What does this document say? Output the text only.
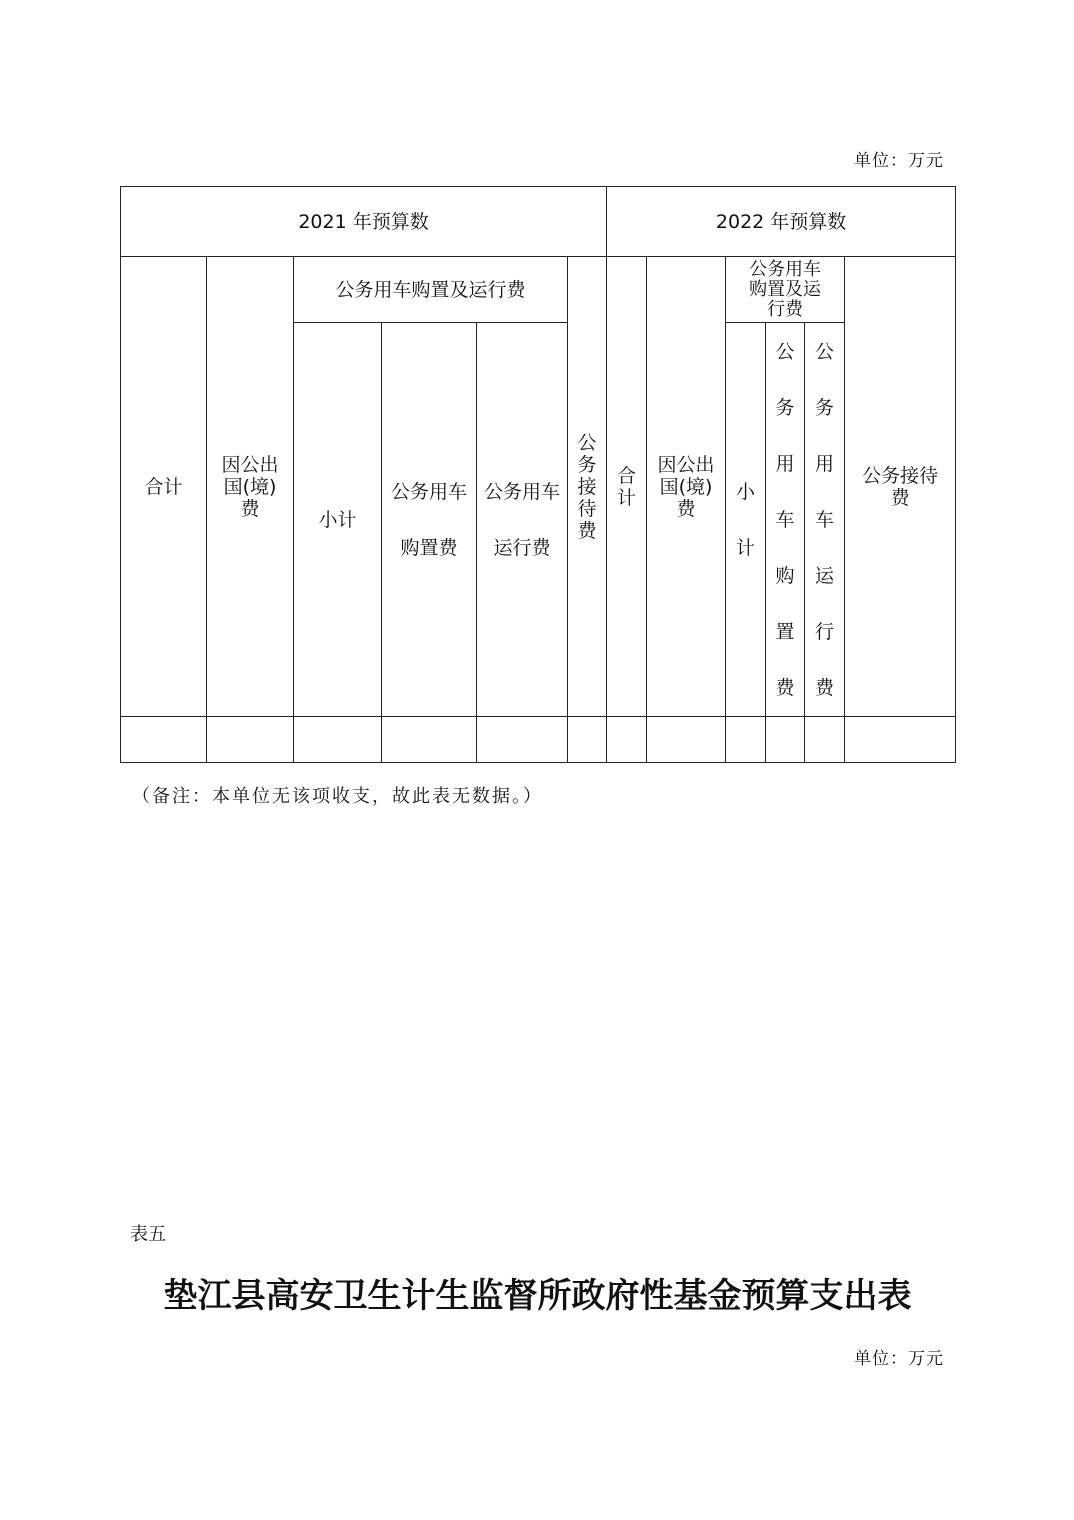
单位：万元
2021 年预算数						2022 年预算数					
合计	因公出国(境)费	公务用车购置及运行费			公务接待费	合计	因公出国(境)费	公务用车购置及运行费			公务接待费
		小计	公务用车购置费	公务用车运行费				小计	公务用车购置费	公务用车运行费	

（备注：本单位无该项收支，故此表无数据。）
表五
垫江县高安卫生计生监督所政府性基金预算支出表
单位：万元
